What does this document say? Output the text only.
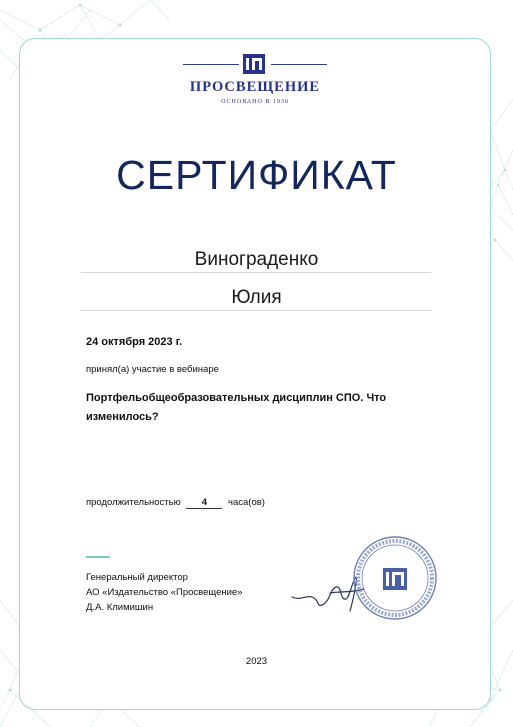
ПРОСВЕЩЕНИЕ
ОСНОВАНО В 1930
СЕРТИФИКАТ
Винограденко
Юлия
24 октября 2023 г.
принял(а) участие в вебинаре
Портфельобщеобразовательных дисциплин СПО. Что изменилось?
продолжительностью 4 часа(ов)
Генеральный директор
АО «Издательство «Просвещение»
Д.А. Климишин
2023
